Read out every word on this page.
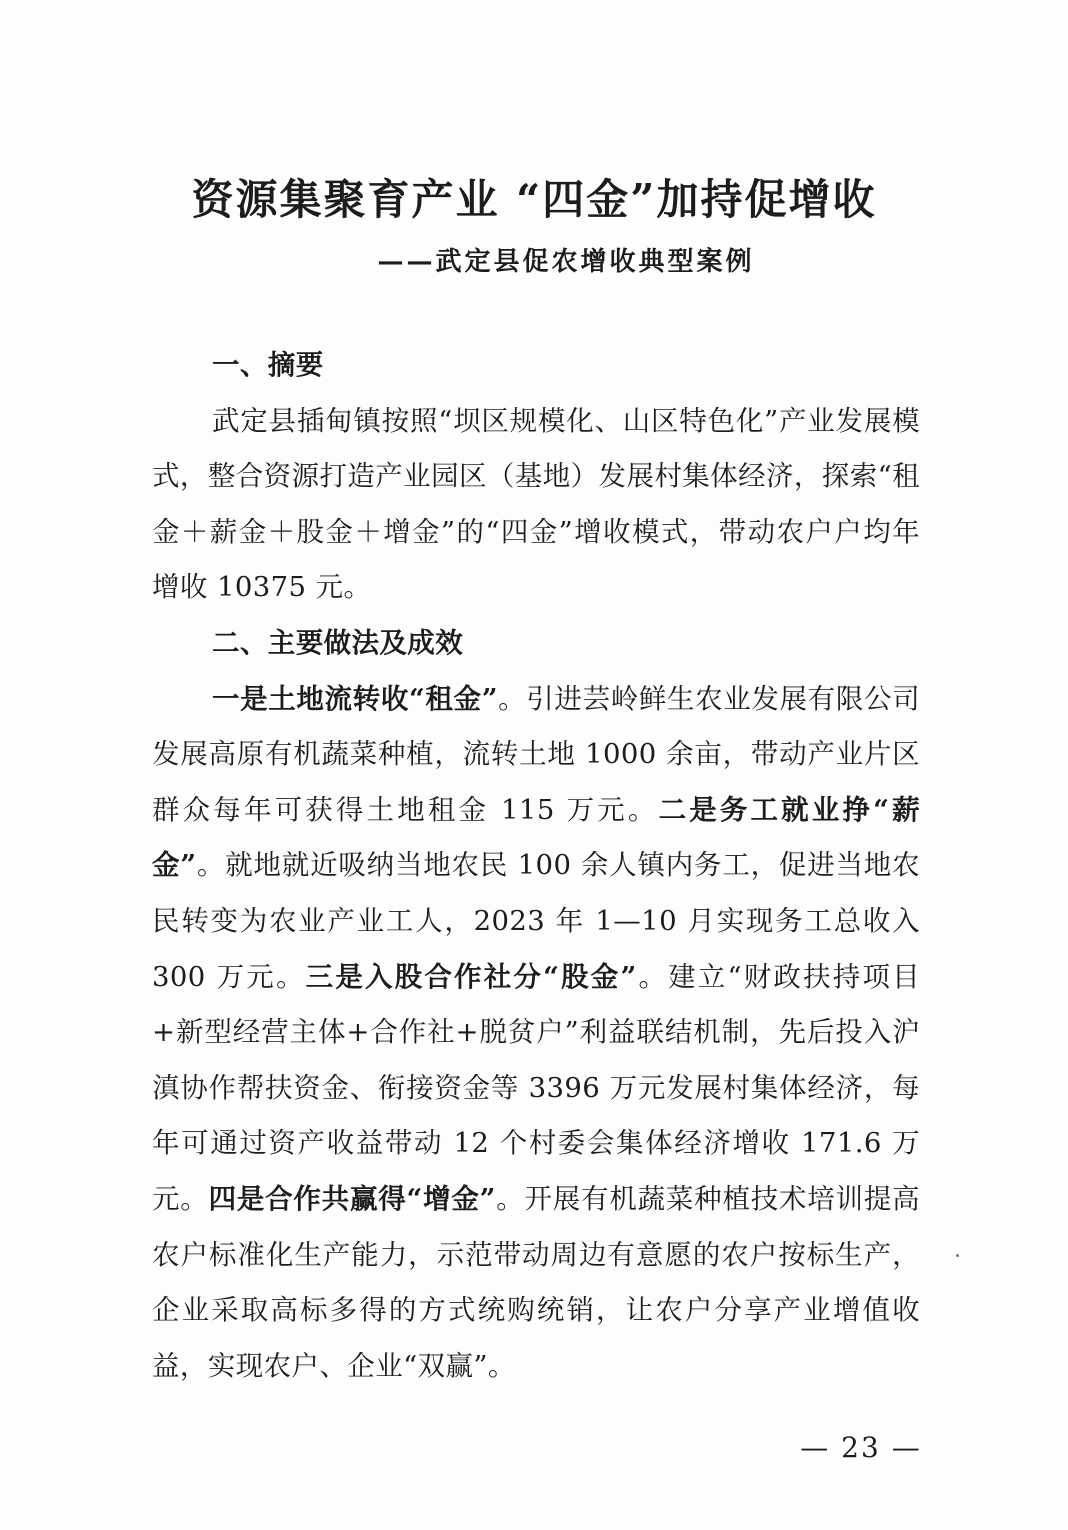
资源集聚育产业 “四金”加持促增收
——武定县促农增收典型案例

一、摘要

武定县插甸镇按照“坝区规模化、山区特色化”产业发展模式，整合资源打造产业园区（基地）发展村集体经济，探索“租金＋薪金＋股金＋增金”的“四金”增收模式，带动农户户均年增收 10375 元。

二、主要做法及成效

一是土地流转收“租金”。引进芸岭鲜生农业发展有限公司发展高原有机蔬菜种植，流转土地 1000 余亩，带动产业片区群众每年可获得土地租金 115 万元。二是务工就业挣“薪金”。就地就近吸纳当地农民 100 余人镇内务工，促进当地农民转变为农业产业工人，2023 年 1—10 月实现务工总收入 300 万元。三是入股合作社分“股金”。建立“财政扶持项目+新型经营主体+合作社+脱贫户”利益联结机制，先后投入沪滇协作帮扶资金、衔接资金等 3396 万元发展村集体经济，每年可通过资产收益带动 12 个村委会集体经济增收 171.6 万元。四是合作共赢得“增金”。开展有机蔬菜种植技术培训提高农户标准化生产能力，示范带动周边有意愿的农户按标生产，企业采取高标多得的方式统购统销，让农户分享产业增值收益，实现农户、企业“双赢”。

— 23 —
